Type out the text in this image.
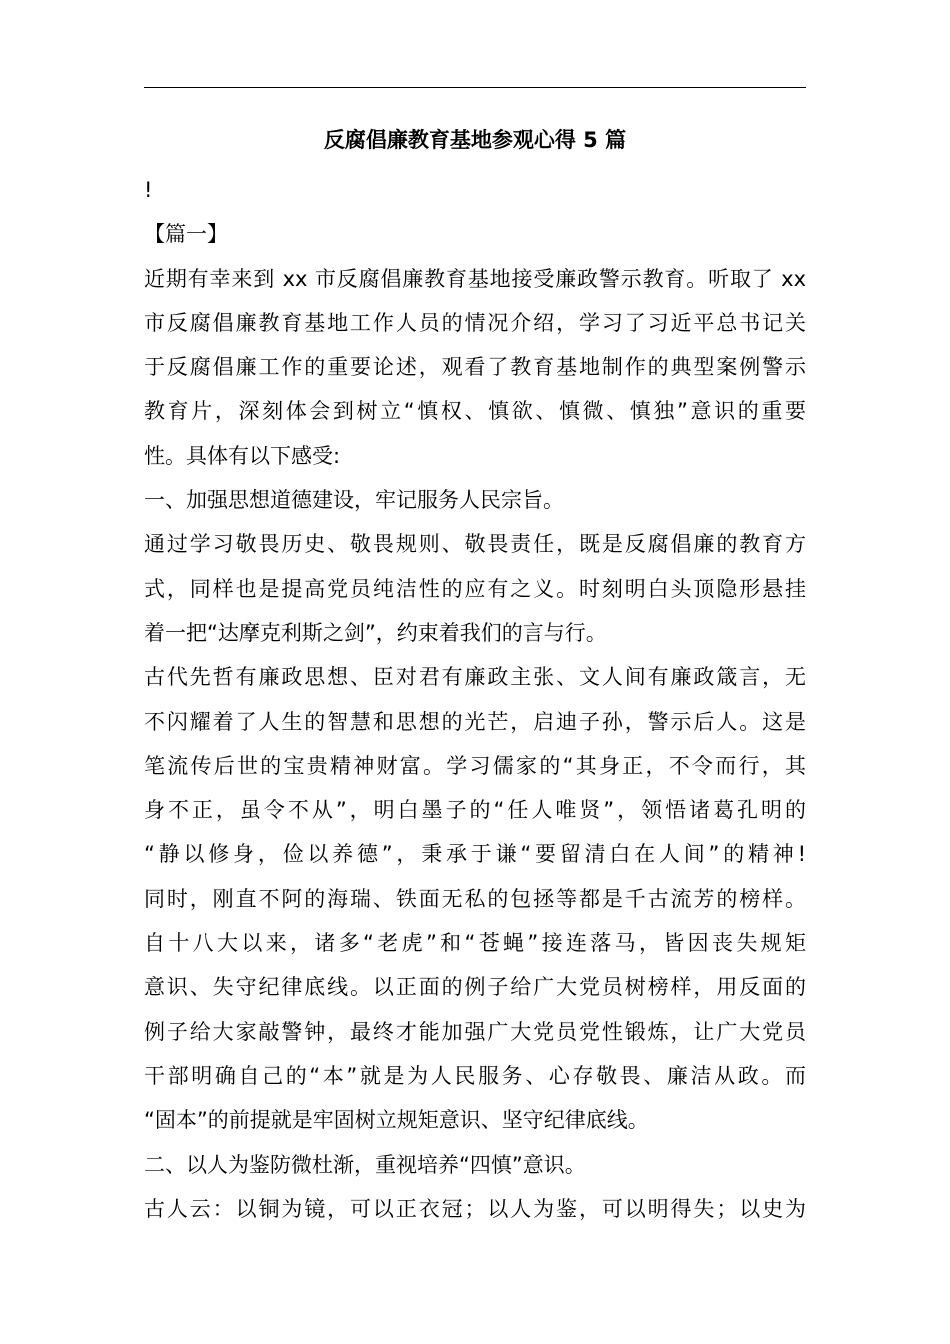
反腐倡廉教育基地参观心得 5 篇
!
【篇一】
近期有幸来到 xx 市反腐倡廉教育基地接受廉政警示教育。听取了 xx
市反腐倡廉教育基地工作人员的情况介绍，学习了习近平总书记关
于反腐倡廉工作的重要论述，观看了教育基地制作的典型案例警示
教育片，深刻体会到树立“慎权、慎欲、慎微、慎独”意识的重要
性。具体有以下感受:
一、加强思想道德建设，牢记服务人民宗旨。
通过学习敬畏历史、敬畏规则、敬畏责任，既是反腐倡廉的教育方
式，同样也是提高党员纯洁性的应有之义。时刻明白头顶隐形悬挂
着一把“达摩克利斯之剑”，约束着我们的言与行。
古代先哲有廉政思想、臣对君有廉政主张、文人间有廉政箴言，无
不闪耀着了人生的智慧和思想的光芒，启迪子孙，警示后人。这是
笔流传后世的宝贵精神财富。学习儒家的“其身正，不令而行，其
身不正，虽令不从”，明白墨子的“任人唯贤”，领悟诸葛孔明的
“静以修身，俭以养德”，秉承于谦“要留清白在人间”的精神!
同时，刚直不阿的海瑞、铁面无私的包拯等都是千古流芳的榜样。
自十八大以来，诸多“老虎”和“苍蝇”接连落马，皆因丧失规矩
意识、失守纪律底线。以正面的例子给广大党员树榜样，用反面的
例子给大家敲警钟，最终才能加强广大党员党性锻炼，让广大党员
干部明确自己的“本”就是为人民服务、心存敬畏、廉洁从政。而
“固本”的前提就是牢固树立规矩意识、坚守纪律底线。
二、以人为鉴防微杜渐，重视培养“四慎”意识。
古人云：以铜为镜，可以正衣冠；以人为鉴，可以明得失；以史为
